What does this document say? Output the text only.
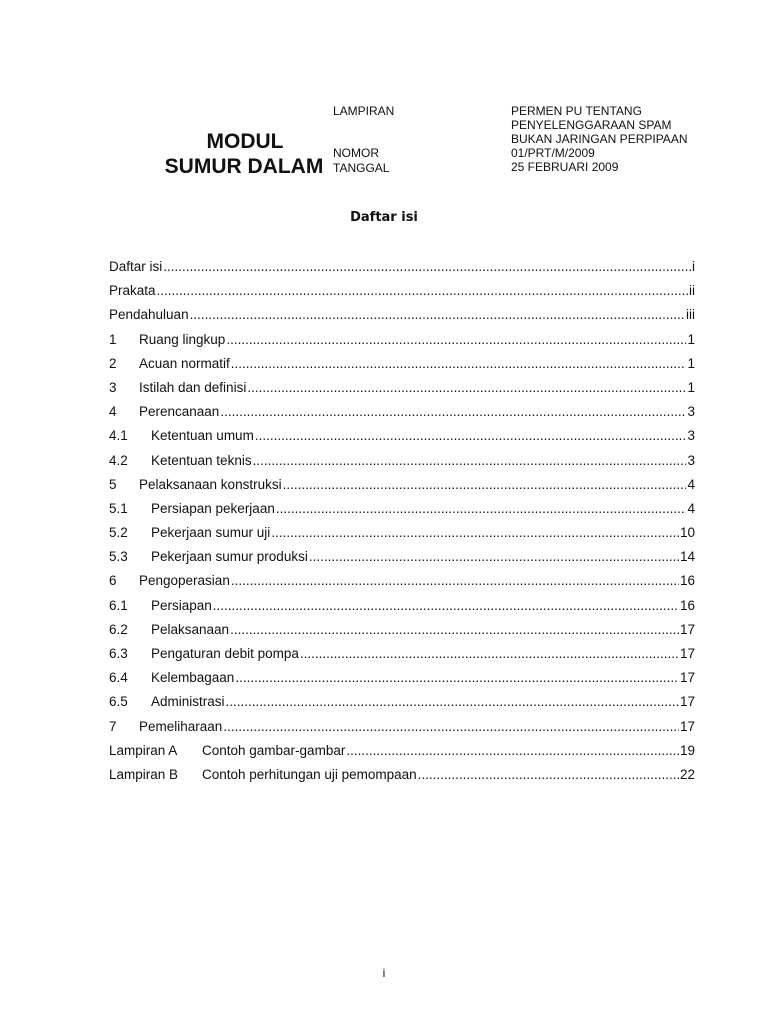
LAMPIRAN
NOMOR
TANGGAL
PERMEN PU TENTANG
PENYELENGGARAAN SPAM
BUKAN JARINGAN PERPIPAAN
01/PRT/M/2009
25 FEBRUARI 2009
MODUL
SUMUR DALAM
Daftar isi
Daftar isi .....	i
Prakata .....	ii
Pendahuluan .....	iii
1	Ruang lingkup .....	1
2	Acuan normatif .....	1
3	Istilah dan definisi .....	1
4	Perencanaan .....	3
4.1	Ketentuan umum .....	3
4.2	Ketentuan teknis .....	3
5	Pelaksanaan konstruksi .....	4
5.1	Persiapan pekerjaan .....	4
5.2	Pekerjaan sumur uji .....	10
5.3	Pekerjaan sumur produksi .....	14
6	Pengoperasian .....	16
6.1	Persiapan .....	16
6.2	Pelaksanaan .....	17
6.3	Pengaturan debit pompa .....	17
6.4	Kelembagaan .....	17
6.5	Administrasi .....	17
7	Pemeliharaan .....	17
Lampiran A	Contoh gambar-gambar .....	19
Lampiran B	Contoh perhitungan uji pemompaan .....	22
i
